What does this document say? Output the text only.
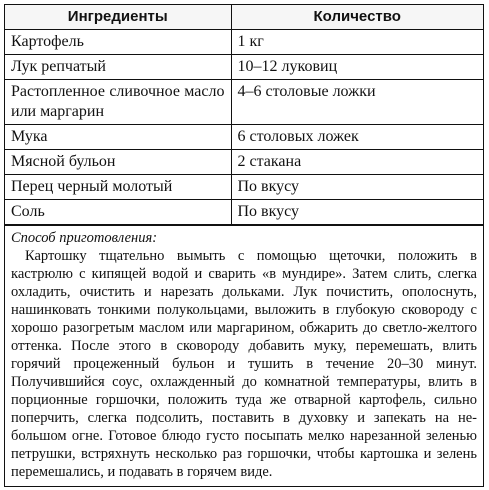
Ингредиенты	Количество
Картофель	1 кг
Лук репчатый	10–12 луковиц
Растопленное сливочное масло или маргарин	4–6 столовые ложки
Мука	6 столовых ложек
Мясной бульон	2 стакана
Перец черный молотый	По вкусу
Соль	По вкусу
Способ приготовления:
Картошку тщательно вымыть с помощью щеточки, положить в кастрюлю с кипящей водой и сварить «в мундире». Затем слить, слегка охладить, очистить и нарезать дольками. Лук почистить, ополоснуть, нашинковать тонкими полукольцами, выложить в глубокую сковороду с хорошо разогретым маслом или маргарином, обжарить до светло-желтого оттенка. После этого в сковороду добавить муку, перемешать, влить горячий процеженный бульон и тушить в течение 20–30 минут. Получившийся соус, охлажденный до комнатной температуры, влить в порционные горшочки, положить туда же отварной картофель, сильно поперчить, слегка подсолить, поставить в духовку и запекать на небольшом огне. Готовое блюдо густо посыпать мелко нарезанной зеленью петрушки, встряхнуть несколько раз горшочки, чтобы картошка и зелень перемешались, и подавать в горячем виде.
